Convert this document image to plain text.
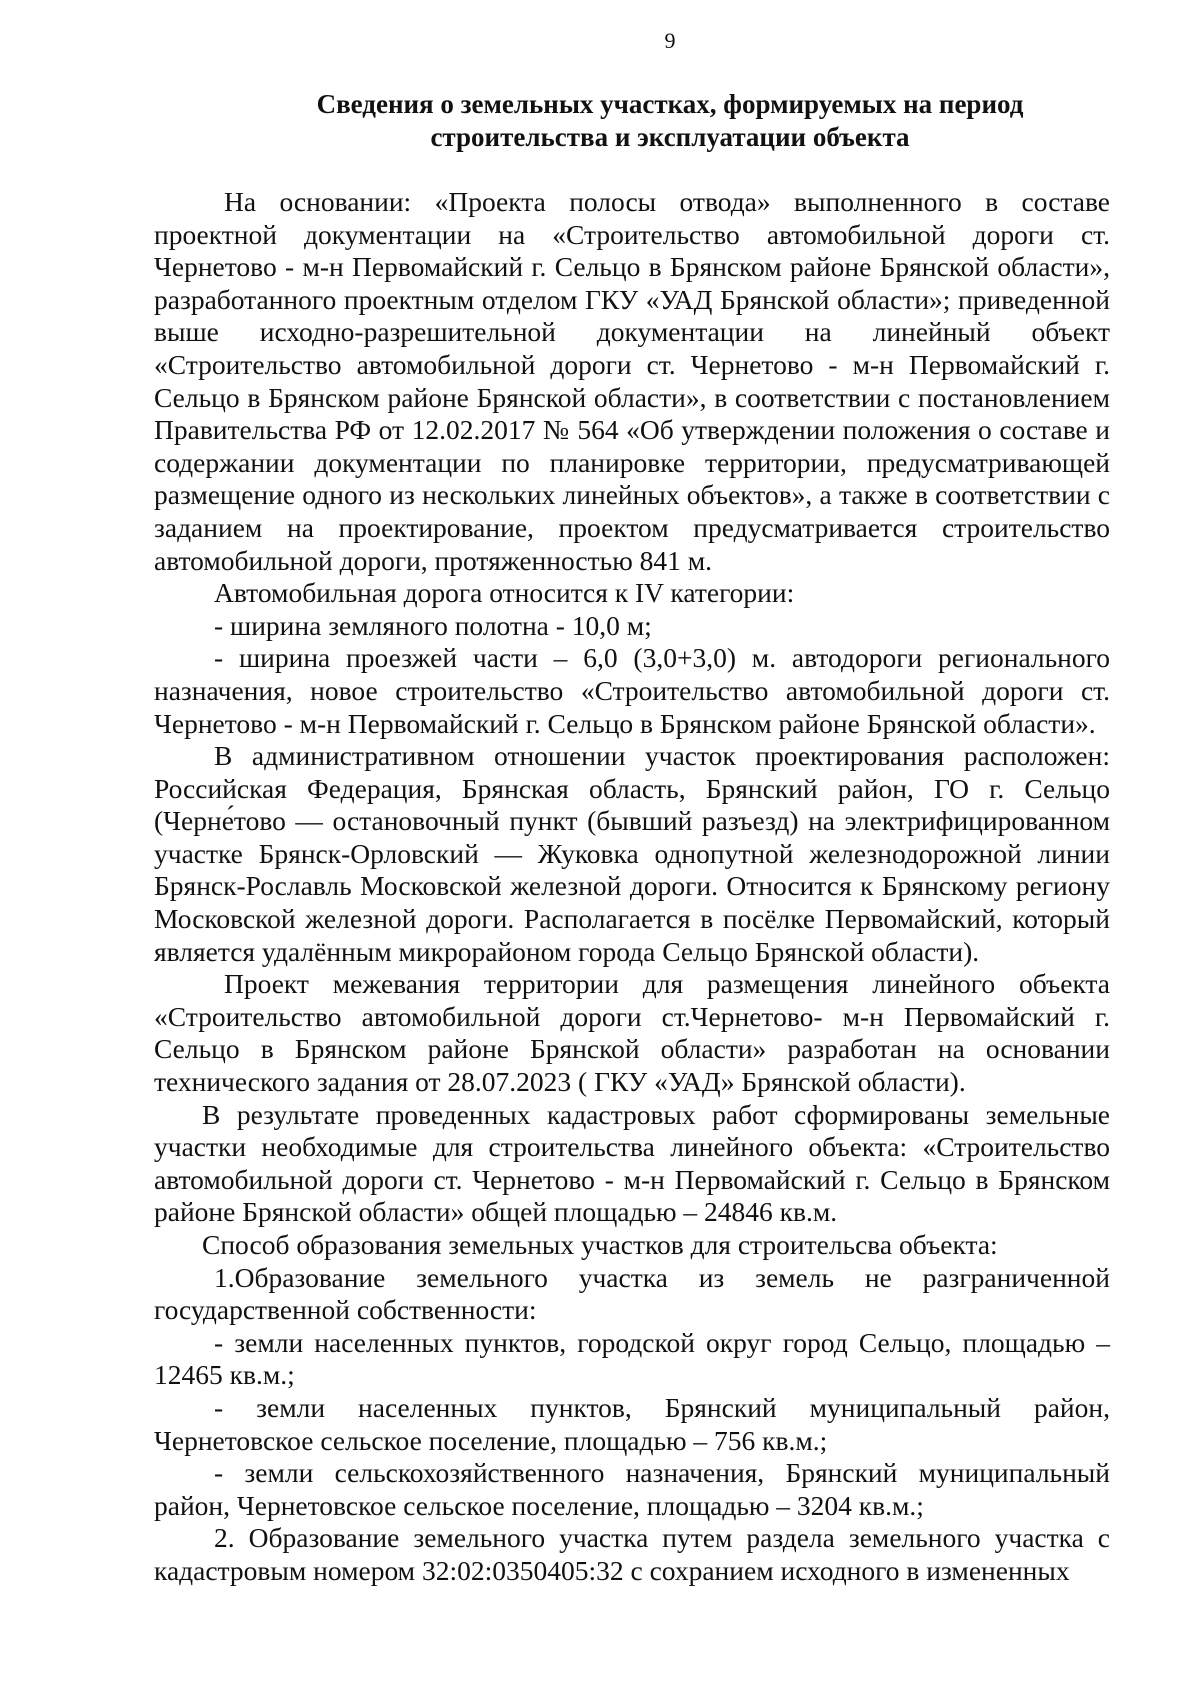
9
Сведения о земельных участках, формируемых на период
строительства и эксплуатации объекта

На основании: «Проекта полосы отвода» выполненного в составе проектной документации на «Строительство автомобильной дороги ст. Чернетово - м-н Первомайский г. Сельцо в Брянском районе Брянской области», разработанного проектным отделом ГКУ «УАД Брянской области»; приведенной выше исходно-разрешительной документации на линейный объект «Строительство автомобильной дороги ст. Чернетово - м-н Первомайский г. Сельцо в Брянском районе Брянской области», в соответствии с постановлением Правительства РФ от 12.02.2017 № 564 «Об утверждении положения о составе и содержании документации по планировке территории, предусматривающей размещение одного из нескольких линейных объектов», а также в соответствии с заданием на проектирование, проектом предусматривается строительство автомобильной дороги, протяженностью 841 м.

Автомобильная дорога относится к IV категории:

- ширина земляного полотна - 10,0 м;

- ширина проезжей части – 6,0 (3,0+3,0) м. автодороги регионального назначения, новое строительство «Строительство автомобильной дороги ст. Чернетово - м-н Первомайский г. Сельцо в Брянском районе Брянской области».

В административном отношении участок проектирования расположен: Российская Федерация, Брянская область, Брянский район, ГО г. Сельцо (Черне́тово — остановочный пункт (бывший разъезд) на электрифицированном участке Брянск-Орловский — Жуковка однопутной железнодорожной линии Брянск-Рославль Московской железной дороги. Относится к Брянскому региону Московской железной дороги. Располагается в посёлке Первомайский, который является удалённым микрорайоном города Сельцо Брянской области).

Проект межевания территории для размещения линейного объекта «Строительство автомобильной дороги ст.Чернетово- м-н Первомайский г. Сельцо в Брянском районе Брянской области» разработан на основании технического задания от 28.07.2023 ( ГКУ «УАД» Брянской области).

В результате проведенных кадастровых работ сформированы земельные участки необходимые для строительства линейного объекта: «Строительство автомобильной дороги ст. Чернетово - м-н Первомайский г. Сельцо в Брянском районе Брянской области» общей площадью – 24846 кв.м.

Способ образования земельных участков для строительсва объекта:

1.Образование земельного участка из земель не разграниченной государственной собственности:

- земли населенных пунктов, городской округ город Сельцо, площадью – 12465 кв.м.;

- земли населенных пунктов, Брянский муниципальный район, Чернетовское сельское поселение, площадью – 756 кв.м.;

- земли сельскохозяйственного назначения, Брянский муниципальный район, Чернетовское сельское поселение, площадью – 3204 кв.м.;

2. Образование земельного участка путем раздела земельного участка с кадастровым номером 32:02:0350405:32 с сохранием исходного в измененных
